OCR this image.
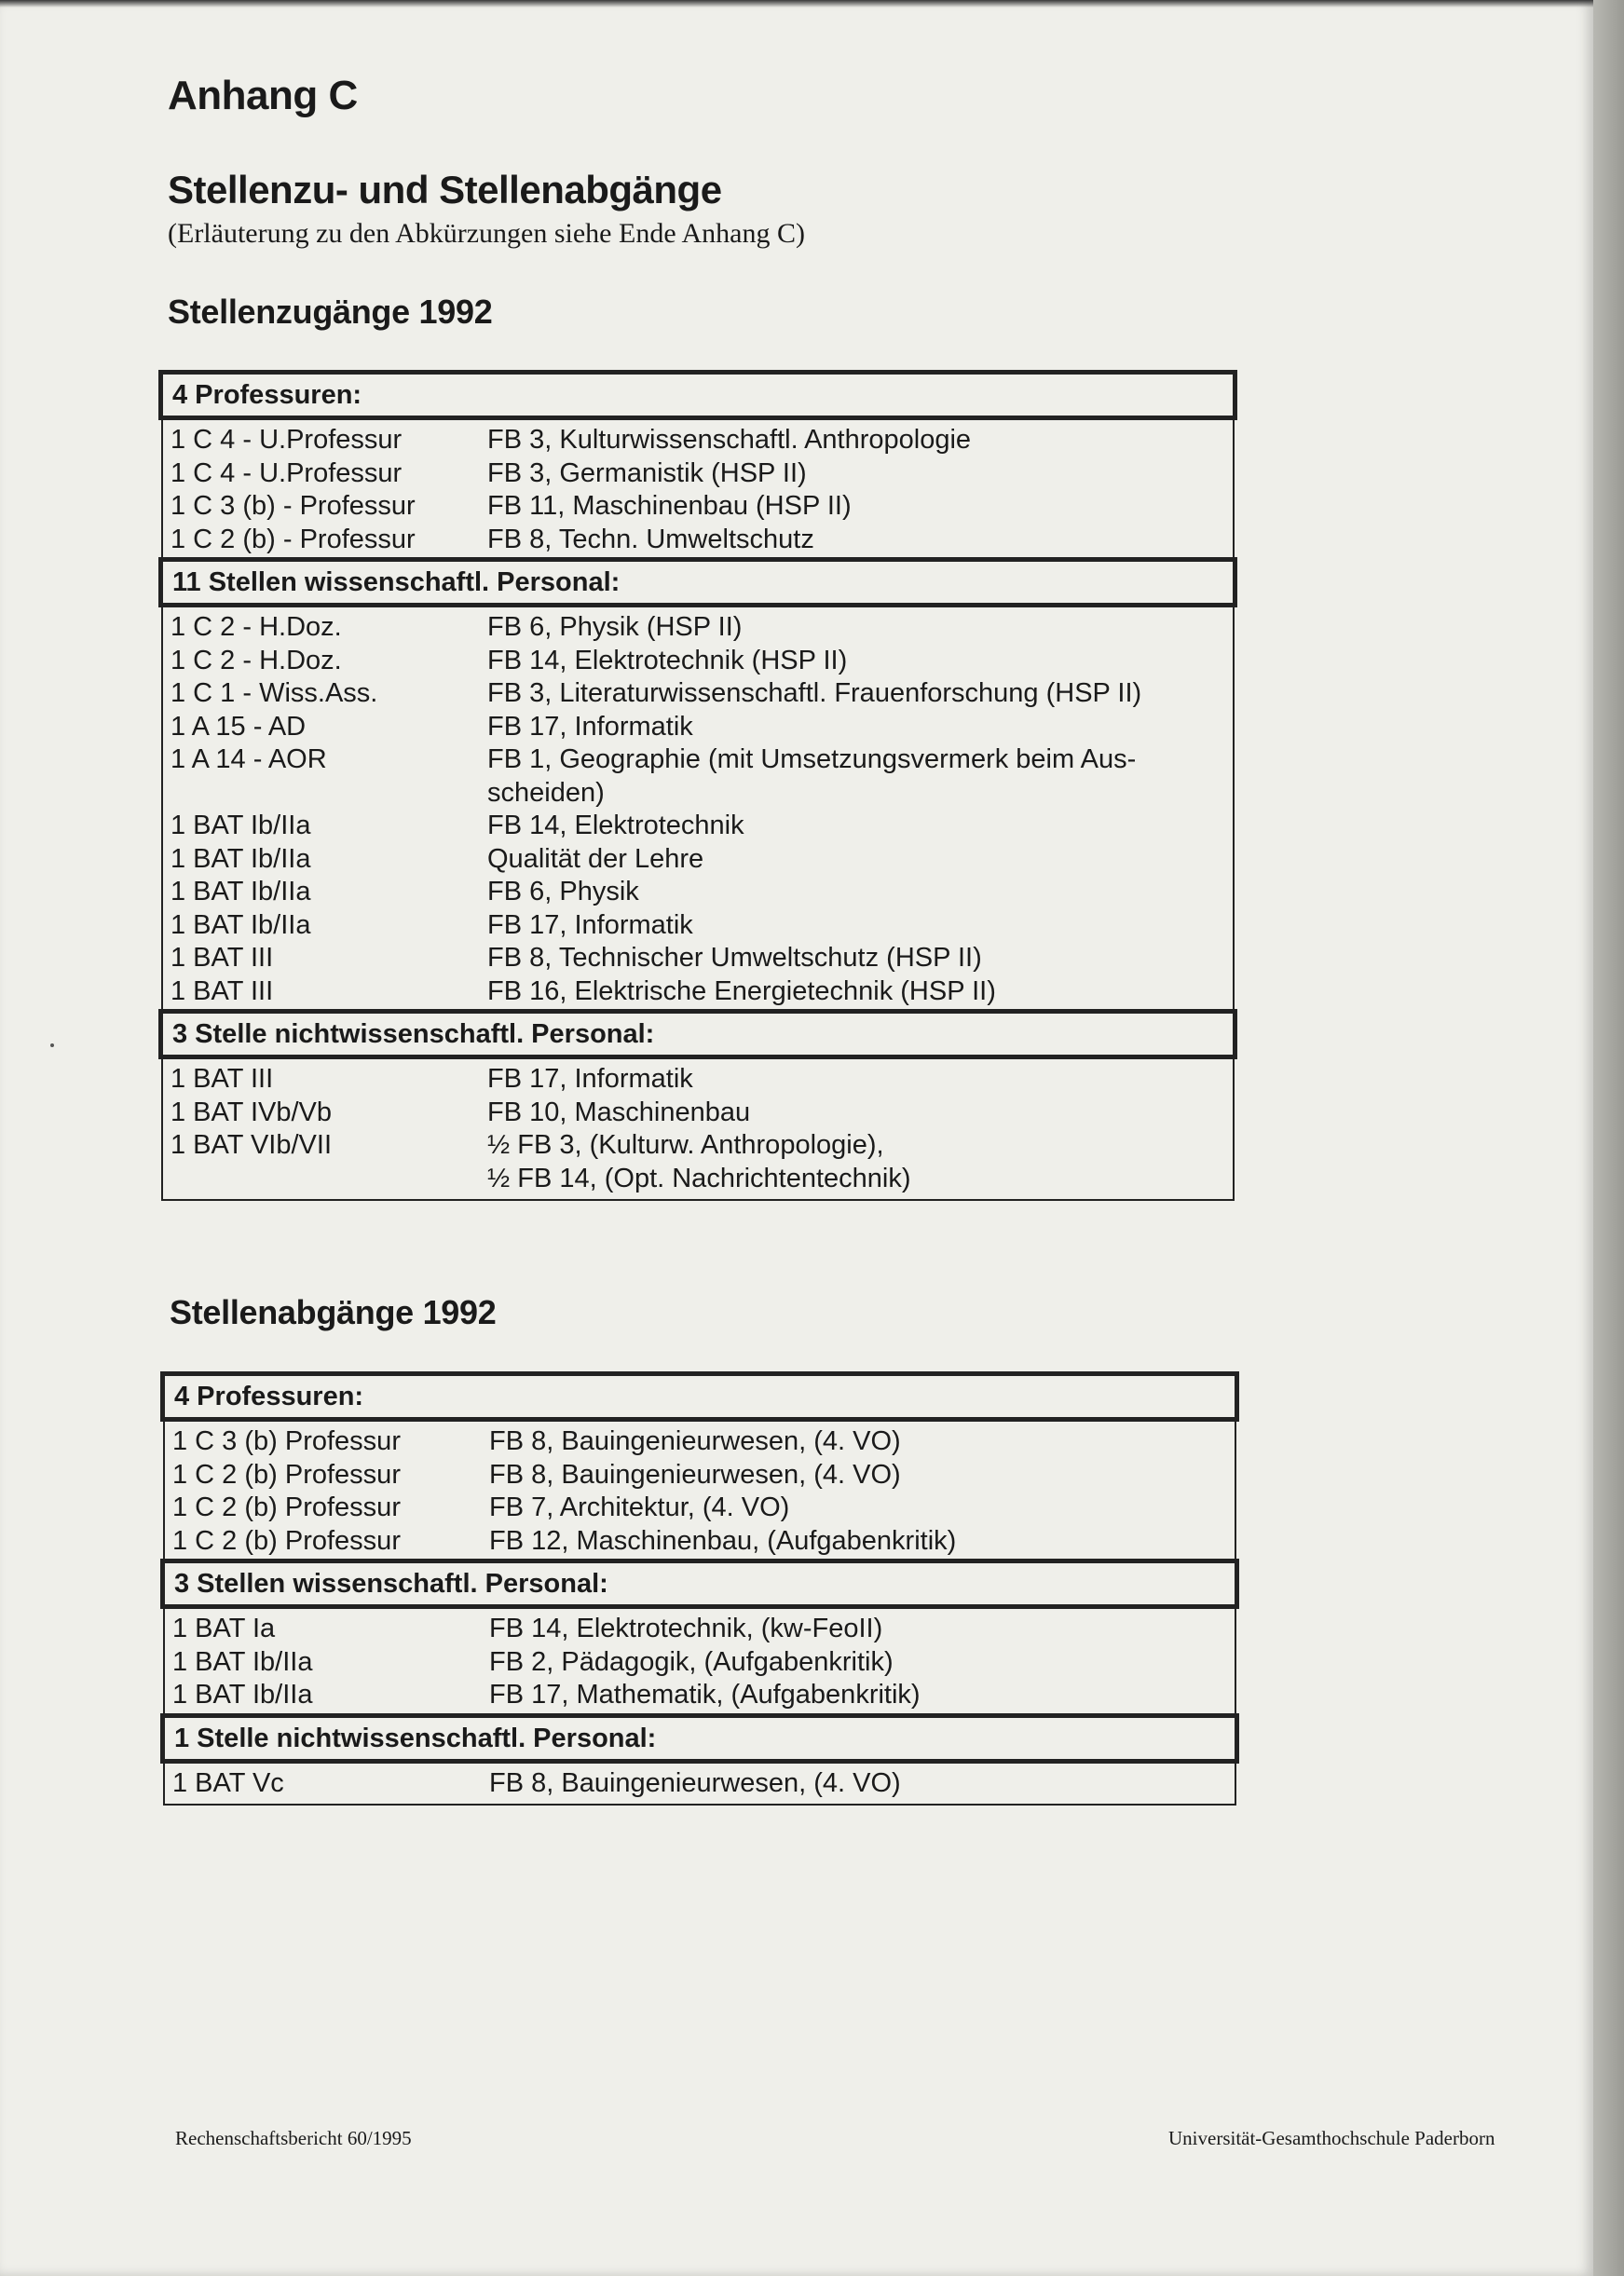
Anhang C
Stellenzu- und Stellenabgänge
(Erläuterung zu den Abkürzungen siehe Ende Anhang C)
Stellenzugänge 1992
4 Professuren:
1 C 4 - U.Professur	FB 3, Kulturwissenschaftl. Anthropologie
1 C 4 - U.Professur	FB 3, Germanistik (HSP II)
1 C 3 (b) - Professur	FB 11, Maschinenbau (HSP II)
1 C 2 (b) - Professur	FB 8, Techn. Umweltschutz
11 Stellen wissenschaftl. Personal:
1 C 2 - H.Doz.	FB 6, Physik (HSP II)
1 C 2 - H.Doz.	FB 14, Elektrotechnik (HSP II)
1 C 1 - Wiss.Ass.	FB 3, Literaturwissenschaftl. Frauenforschung (HSP II)
1 A 15 - AD	FB 17, Informatik
1 A 14 - AOR	FB 1, Geographie (mit Umsetzungsvermerk beim Aus-
scheiden)
1 BAT Ib/IIa	FB 14, Elektrotechnik
1 BAT Ib/IIa	Qualität der Lehre
1 BAT Ib/IIa	FB 6, Physik
1 BAT Ib/IIa	FB 17, Informatik
1 BAT III	FB 8, Technischer Umweltschutz (HSP II)
1 BAT III	FB 16, Elektrische Energietechnik (HSP II)
3 Stelle nichtwissenschaftl. Personal:
1 BAT III	FB 17, Informatik
1 BAT IVb/Vb	FB 10, Maschinenbau
1 BAT VIb/VII	½ FB 3, (Kulturw. Anthropologie),
½ FB 14, (Opt. Nachrichtentechnik)
Stellenabgänge 1992
4 Professuren:
1 C 3 (b) Professur	FB 8, Bauingenieurwesen, (4. VO)
1 C 2 (b) Professur	FB 8, Bauingenieurwesen, (4. VO)
1 C 2 (b) Professur	FB 7, Architektur, (4. VO)
1 C 2 (b) Professur	FB 12, Maschinenbau, (Aufgabenkritik)
3 Stellen wissenschaftl. Personal:
1 BAT Ia	FB 14, Elektrotechnik, (kw-FeoII)
1 BAT Ib/IIa	FB 2, Pädagogik, (Aufgabenkritik)
1 BAT Ib/IIa	FB 17, Mathematik, (Aufgabenkritik)
1 Stelle nichtwissenschaftl. Personal:
1 BAT Vc	FB 8, Bauingenieurwesen, (4. VO)
Rechenschaftsbericht 60/1995	Universität-Gesamthochschule Paderborn
